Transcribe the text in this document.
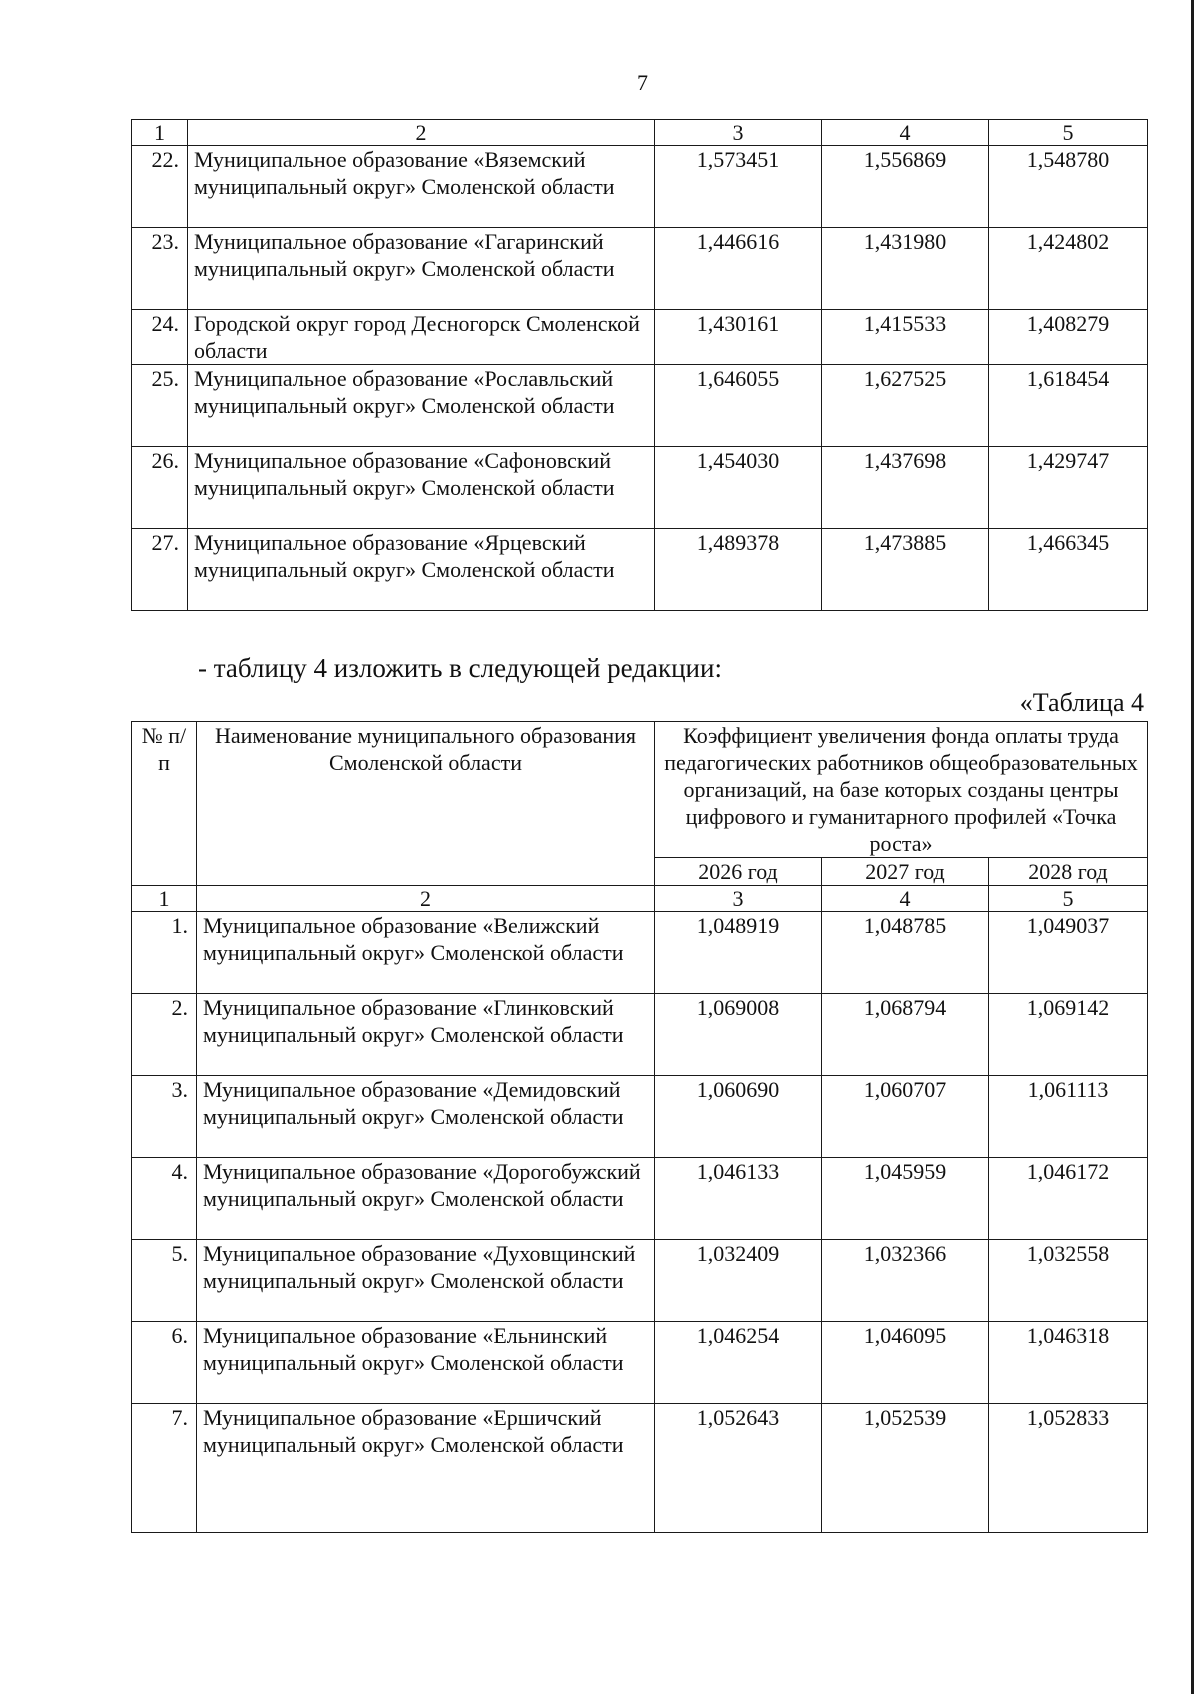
7
1	2	3	4	5
22.	Муниципальное образование «Вяземский муниципальный округ» Смоленской области	1,573451	1,556869	1,548780
23.	Муниципальное образование «Гагаринский муниципальный округ» Смоленской области	1,446616	1,431980	1,424802
24.	Городской округ город Десногорск Смоленской области	1,430161	1,415533	1,408279
25.	Муниципальное образование «Рославльский муниципальный округ» Смоленской области	1,646055	1,627525	1,618454
26.	Муниципальное образование «Сафоновский муниципальный округ» Смоленской области	1,454030	1,437698	1,429747
27.	Муниципальное образование «Ярцевский муниципальный округ» Смоленской области	1,489378	1,473885	1,466345
- таблицу 4 изложить в следующей редакции:
«Таблица 4
№ п/п	Наименование муниципального образования Смоленской области	Коэффициент увеличения фонда оплаты труда педагогических работников общеобразовательных организаций, на базе которых созданы центры цифрового и гуманитарного профилей «Точка роста»		
		2026 год	2027 год	2028 год
1	2	3	4	5
1.	Муниципальное образование «Велижский муниципальный округ» Смоленской области	1,048919	1,048785	1,049037
2.	Муниципальное образование «Глинковский муниципальный округ» Смоленской области	1,069008	1,068794	1,069142
3.	Муниципальное образование «Демидовский муниципальный округ» Смоленской области	1,060690	1,060707	1,061113
4.	Муниципальное образование «Дорогобужский муниципальный округ» Смоленской области	1,046133	1,045959	1,046172
5.	Муниципальное образование «Духовщинский муниципальный округ» Смоленской области	1,032409	1,032366	1,032558
6.	Муниципальное образование «Ельнинский муниципальный округ» Смоленской области	1,046254	1,046095	1,046318
7.	Муниципальное образование «Ершичский муниципальный округ» Смоленской области	1,052643	1,052539	1,052833
